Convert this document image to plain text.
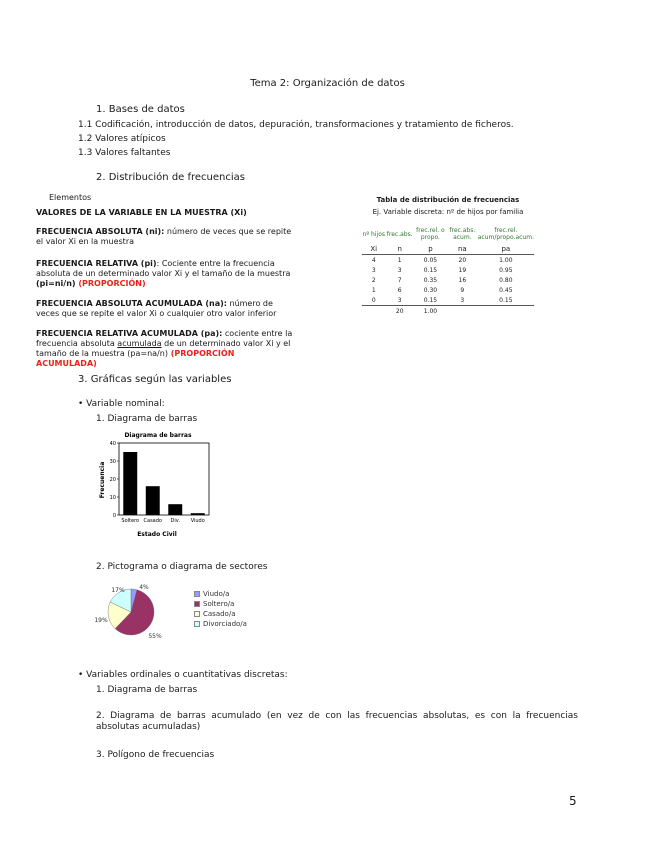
Tema 2: Organización de datos
1. Bases de datos
1.1 Codificación, introducción de datos, depuración, transformaciones y tratamiento de ficheros.
1.2 Valores atípicos
1.3 Valores faltantes
2. Distribución de frecuencias
Elementos
VALORES DE LA VARIABLE EN LA MUESTRA (Xi)
FRECUENCIA ABSOLUTA (ni): número de veces que se repite el valor Xi en la muestra
FRECUENCIA RELATIVA (pi): Cociente entre la frecuencia absoluta de un determinado valor Xi y el tamaño de la muestra (pi=ni/n) (PROPORCIÓN)
FRECUENCIA ABSOLUTA ACUMULADA (na): número de veces que se repite el valor Xi o cualquier otro valor inferior
FRECUENCIA RELATIVA ACUMULADA (pa): cociente entre la frecuencia absoluta acumulada de un determinado valor Xi y el tamaño de la muestra (pa=na/n) (PROPORCIÓN ACUMULADA)
Tabla de distribución de frecuencias
Ej. Variable discreta: nº de hijos por familia
nº hijos	frec.abs.	frec.rel. o propo.	frec.abs. acum.	frec.rel. acum/propo.acum.
Xi	n	p	na	pa
4	1	0.05	20	1.00
3	3	0.15	19	0.95
2	7	0.35	16	0.80
1	6	0.30	9	0.45
0	3	0.15	3	0.15
	20	1.00		
3. Gráficas según las variables
• Variable nominal:
1. Diagrama de barras
Diagrama de barras
Frecuencia
Estado Civil
0
10
20
30
40
Soltero Casado Div. Viudo
2. Pictograma o diagrama de sectores
4%
55%
19%
17%	Viudo/a
Soltero/a
Casado/a
Divorciado/a
• Variables ordinales o cuantitativas discretas:
1. Diagrama de barras
2. Diagrama de barras acumulado (en vez de con las frecuencias absolutas, es con la frecuencias absolutas acumuladas)
3. Polígono de frecuencias
5
